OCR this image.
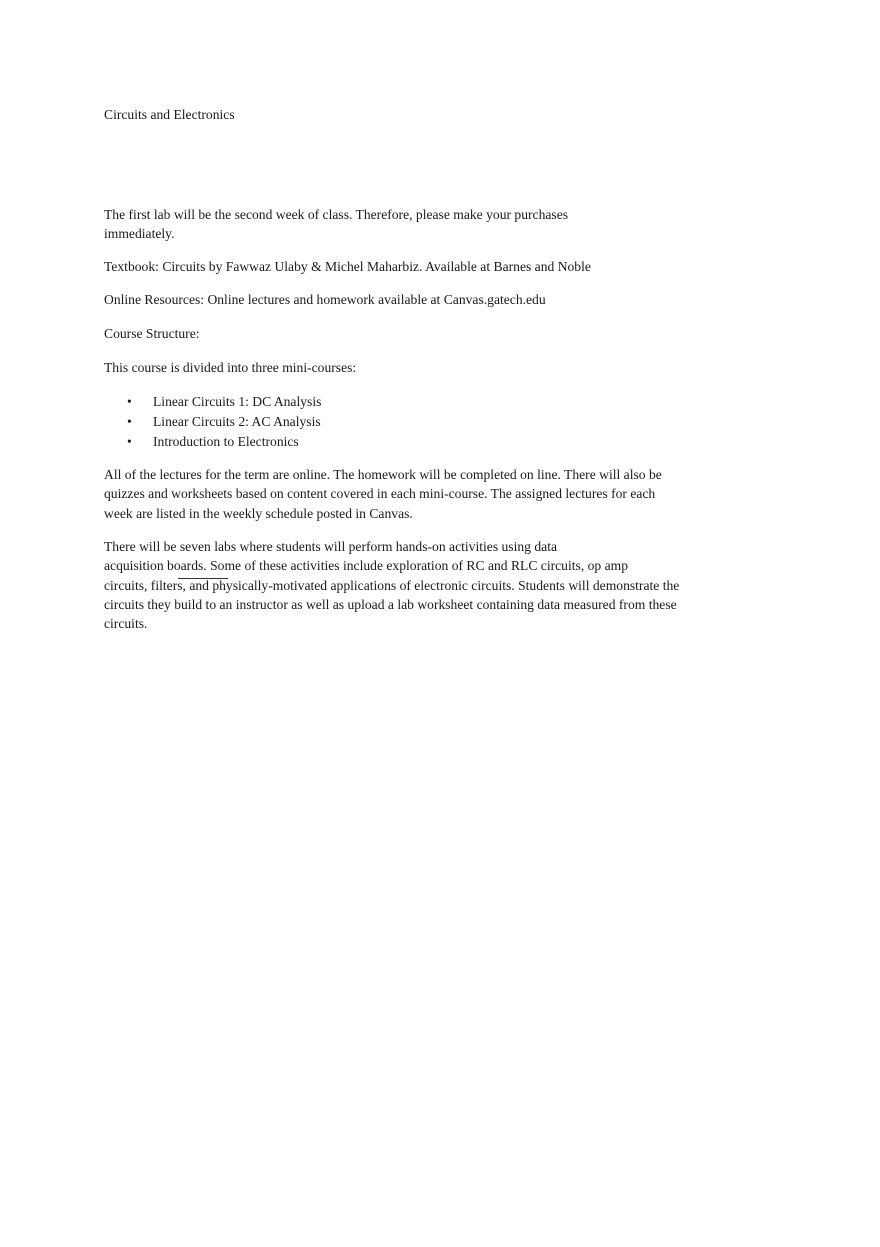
Circuits and Electronics

The first lab will be the second week of class. Therefore, please make your purchases
immediately.

Textbook: Circuits by Fawwaz Ulaby & Michel Maharbiz. Available at Barnes and Noble

Online Resources: Online lectures and homework available at Canvas.gatech.edu

Course Structure:

This course is divided into three mini-courses:

• Linear Circuits 1: DC Analysis
• Linear Circuits 2: AC Analysis
• Introduction to Electronics

All of the lectures for the term are online. The homework will be completed on line. There will also be
quizzes and worksheets based on content covered in each mini-course. The assigned lectures for each
week are listed in the weekly schedule posted in Canvas.

There will be seven labs where students will perform hands-on activities using data
acquisition boards. Some of these activities include exploration of RC and RLC circuits, op amp
circuits, filters, and physically-motivated applications of electronic circuits. Students will demonstrate the
circuits they build to an instructor as well as upload a lab worksheet containing data measured from these
circuits.
